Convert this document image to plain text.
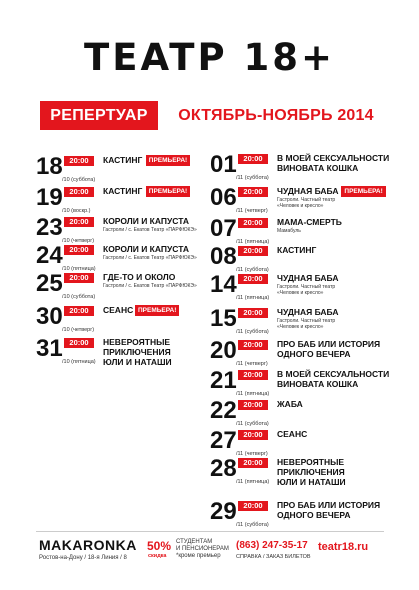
TEATP 18+
РЕПЕРТУАР	ОКТЯБРЬ-НОЯБРЬ 2014
18 /10 (суббота)
20:00	КАСТИНГ ПРЕМЬЕРА!
19 /10 (воскр.)
20:00	КАСТИНГ ПРЕМЬЕРА!
23 /10 (четверг)
20:00	КОРОЛИ И КАПУСТА
Гастроли / с. Екатов Театр «ПАРФЮКЭ»
24 /10 (пятница)
20:00	КОРОЛИ И КАПУСТА
Гастроли / с. Екатов Театр «ПАРФЮКЭ»
25 /10 (суббота)
20:00	ГДЕ-ТО И ОКОЛО
Гастроли / с. Екатов Театр «ПАРФЮКЭ»
30 /10 (четверг)
20:00	СЕАНС ПРЕМЬЕРА!
31 /10 (пятница)
20:00	НЕВЕРОЯТНЫЕ
ПРИКЛЮЧЕНИЯ
ЮЛИ И НАТАШИ
01 /11 (суббота)
20:00	В МОЕЙ СЕКСУАЛЬНОСТИ
ВИНОВАТА КОШКА
06 /11 (четверг)
20:00	ЧУДНАЯ БАБА
Гастроли. Частный театр
«Человек и кресло»
ПРЕМЬЕРА!
07 /11 (пятница)
20:00	МАМА-СМЕРТЬ
Мамабуль
08 /11 (суббота)
20:00	КАСТИНГ
14 /11 (пятница)
20:00	ЧУДНАЯ БАБА
Гастроли. Частный театр
«Человек и кресло»
15 /11 (суббота)
20:00	ЧУДНАЯ БАБА
Гастроли. Частный театр
«Человек и кресло»
20 /11 (четверг)
20:00	ПРО БАБ ИЛИ ИСТОРИЯ
ОДНОГО ВЕЧЕРА
21 /11 (пятница)
20:00	В МОЕЙ СЕКСУАЛЬНОСТИ
ВИНОВАТА КОШКА
22 /11 (суббота)
20:00	ЖАБА
27 /11 (четверг)
20:00	СЕАНС
28 /11 (пятница)
20:00	НЕВЕРОЯТНЫЕ
ПРИКЛЮЧЕНИЯ
ЮЛИ И НАТАШИ
29 /11 (суббота)
20:00	ПРО БАБ ИЛИ ИСТОРИЯ
ОДНОГО ВЕЧЕРА
MAKARONKA
Ростов-на-Дону / 18-я Линия / 8
50%
скидка
СТУДЕНТАМ
И ПЕНСИОНЕРАМ
*кроме премьер
(863) 247-35-17
СПРАВКА / ЗАКАЗ БИЛЕТОВ
teatr18.ru
